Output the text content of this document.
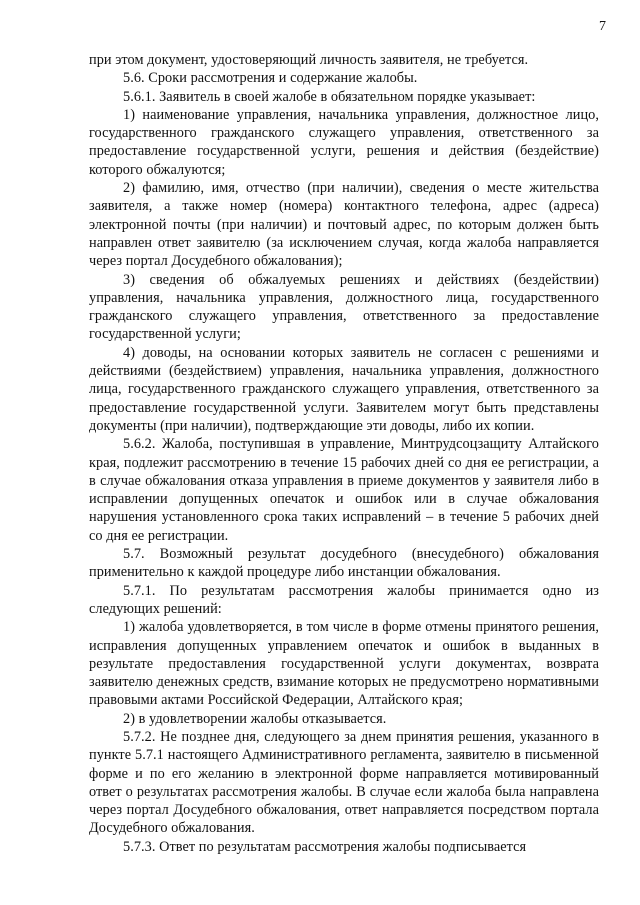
7

при этом документ, удостоверяющий личность заявителя, не требуется.

5.6. Сроки рассмотрения и содержание жалобы.

5.6.1. Заявитель в своей жалобе в обязательном порядке указывает:

1) наименование управления, начальника управления, должностное лицо, государственного гражданского служащего управления, ответственного за предоставление государственной услуги, решения и действия (бездействие) которого обжалуются;

2) фамилию, имя, отчество (при наличии), сведения о месте жительства заявителя, а также номер (номера) контактного телефона, адрес (адреса) электронной почты (при наличии) и почтовый адрес, по которым должен быть направлен ответ заявителю (за исключением случая, когда жалоба направляется через портал Досудебного обжалования);

3) сведения об обжалуемых решениях и действиях (бездействии) управления, начальника управления, должностного лица, государственного гражданского служащего управления, ответственного за предоставление государственной услуги;

4) доводы, на основании которых заявитель не согласен с решениями и действиями (бездействием) управления, начальника управления, должностного лица, государственного гражданского служащего управления, ответственного за предоставление государственной услуги. Заявителем могут быть представлены документы (при наличии), подтверждающие эти доводы, либо их копии.

5.6.2. Жалоба, поступившая в управление, Минтрудсоцзащиту Алтайского края, подлежит рассмотрению в течение 15 рабочих дней со дня ее регистрации, а в случае обжалования отказа управления в приеме документов у заявителя либо в исправлении допущенных опечаток и ошибок или в случае обжалования нарушения установленного срока таких исправлений – в течение 5 рабочих дней со дня ее регистрации.

5.7. Возможный результат досудебного (внесудебного) обжалования применительно к каждой процедуре либо инстанции обжалования.

5.7.1. По результатам рассмотрения жалобы принимается одно из следующих решений:

1) жалоба удовлетворяется, в том числе в форме отмены принятого решения, исправления допущенных управлением опечаток и ошибок в выданных в результате предоставления государственной услуги документах, возврата заявителю денежных средств, взимание которых не предусмотрено нормативными правовыми актами Российской Федерации, Алтайского края;

2) в удовлетворении жалобы отказывается.

5.7.2. Не позднее дня, следующего за днем принятия решения, указанного в пункте 5.7.1 настоящего Административного регламента, заявителю в письменной форме и по его желанию в электронной форме направляется мотивированный ответ о результатах рассмотрения жалобы. В случае если жалоба была направлена через портал Досудебного обжалования, ответ направляется посредством портала Досудебного обжалования.

5.7.3. Ответ по результатам рассмотрения жалобы подписывается
